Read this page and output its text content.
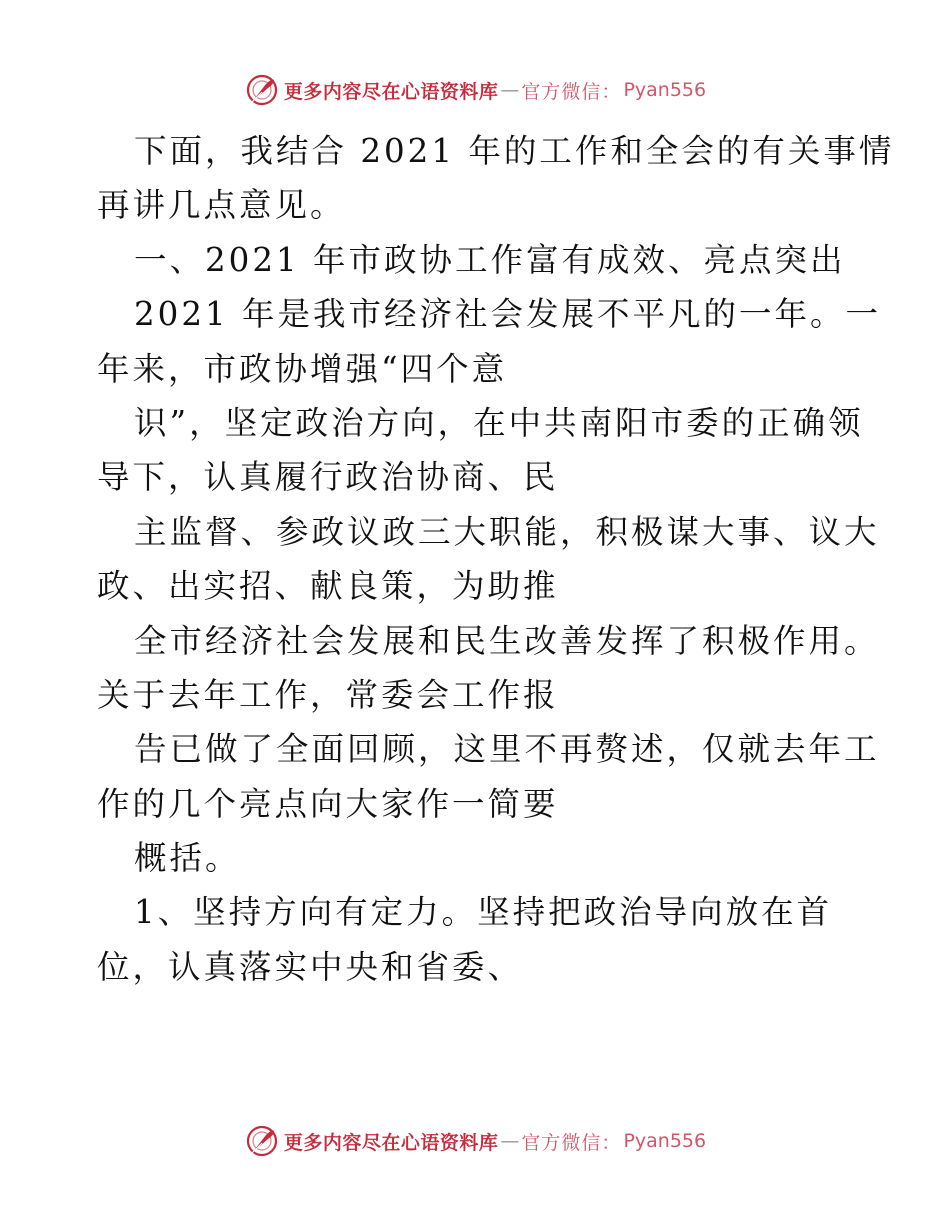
更多内容尽在心语资料库 — 官方微信： Pyan556
下面，我结合 2021 年的工作和全会的有关事情
再讲几点意见。
一、2021 年市政协工作富有成效、亮点突出
2021 年是我市经济社会发展不平凡的一年。一
年来，市政协增强“四个意
识”，坚定政治方向，在中共南阳市委的正确领
导下，认真履行政治协商、民
主监督、参政议政三大职能，积极谋大事、议大
政、出实招、献良策，为助推
全市经济社会发展和民生改善发挥了积极作用。
关于去年工作，常委会工作报
告已做了全面回顾，这里不再赘述，仅就去年工
作的几个亮点向大家作一简要
概括。
1、坚持方向有定力。坚持把政治导向放在首
位，认真落实中央和省委、
更多内容尽在心语资料库 — 官方微信： Pyan556
